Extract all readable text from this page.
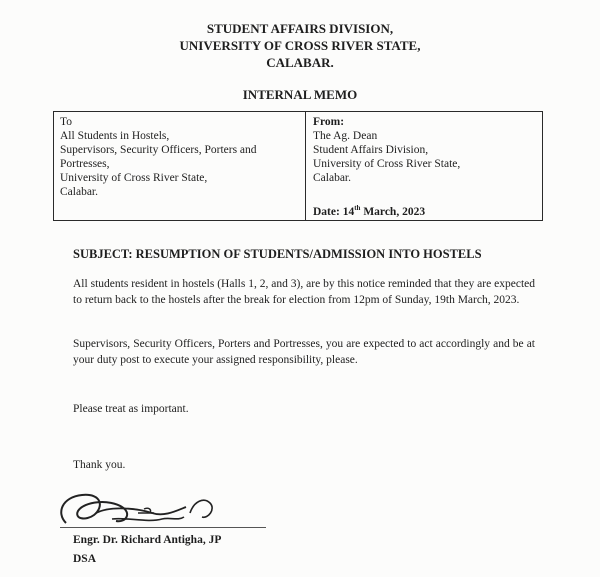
STUDENT AFFAIRS DIVISION,
UNIVERSITY OF CROSS RIVER STATE,
CALABAR.
INTERNAL MEMO
To
All Students in Hostels,
Supervisors, Security Officers, Porters and
Portresses,
University of Cross River State,
Calabar.
From:
The Ag. Dean
Student Affairs Division,
University of Cross River State,
Calabar.
Date: 14th March, 2023
SUBJECT: RESUMPTION OF STUDENTS/ADMISSION INTO HOSTELS
All students resident in hostels (Halls 1, 2, and 3), are by this notice reminded that they are expected to return back to the hostels after the break for election from 12pm of Sunday, 19th March, 2023.
Supervisors, Security Officers, Porters and Portresses, you are expected to act accordingly and be at your duty post to execute your assigned responsibility, please.
Please treat as important.
Thank you.
Engr. Dr. Richard Antigha, JP
DSA
